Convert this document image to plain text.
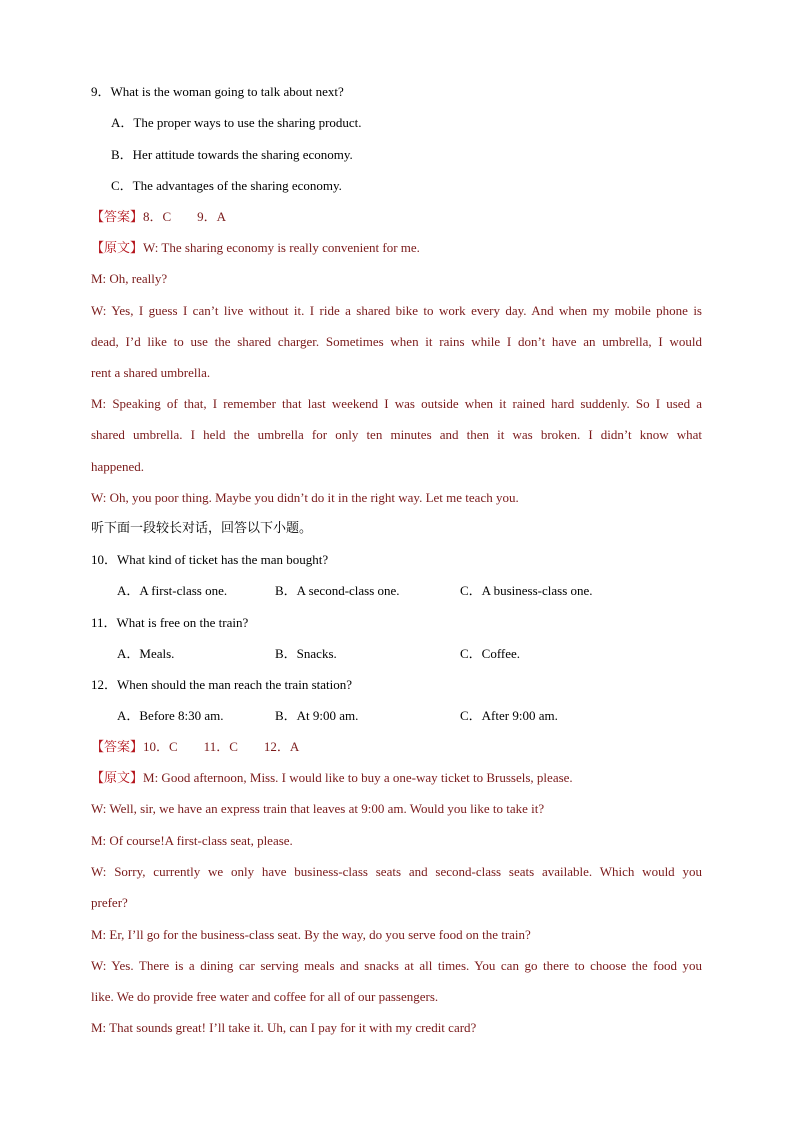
9．What is the woman going to talk about next?
A．The proper ways to use the sharing product.
B．Her attitude towards the sharing economy.
C．The advantages of the sharing economy.
【答案】8．C　　9．A
【原文】W: The sharing economy is really convenient for me.
M: Oh, really?
W: Yes, I guess I can’t live without it. I ride a shared bike to work every day. And when my mobile phone is
dead, I’d like to use the shared charger. Sometimes when it rains while I don’t have an umbrella, I would
rent a shared umbrella.
M: Speaking of that, I remember that last weekend I was outside when it rained hard suddenly. So I used a
shared umbrella. I held the umbrella for only ten minutes and then it was broken. I didn’t know what
happened.
W: Oh, you poor thing. Maybe you didn’t do it in the right way. Let me teach you.
听下面一段较长对话，回答以下小题。
10．What kind of ticket has the man bought?
A．A first-class one.	B．A second-class one.	C．A business-class one.
11．What is free on the train?
A．Meals.	B．Snacks.	C．Coffee.
12．When should the man reach the train station?
A．Before 8:30 am.	B．At 9:00 am.	C．After 9:00 am.
【答案】10．C　　11．C　　12．A
【原文】M: Good afternoon, Miss. I would like to buy a one-way ticket to Brussels, please.
W: Well, sir, we have an express train that leaves at 9:00 am. Would you like to take it?
M: Of course!A first-class seat, please.
W: Sorry, currently we only have business-class seats and second-class seats available. Which would you
prefer?
M: Er, I’ll go for the business-class seat. By the way, do you serve food on the train?
W: Yes. There is a dining car serving meals and snacks at all times. You can go there to choose the food you
like. We do provide free water and coffee for all of our passengers.
M: That sounds great! I’ll take it. Uh, can I pay for it with my credit card?
